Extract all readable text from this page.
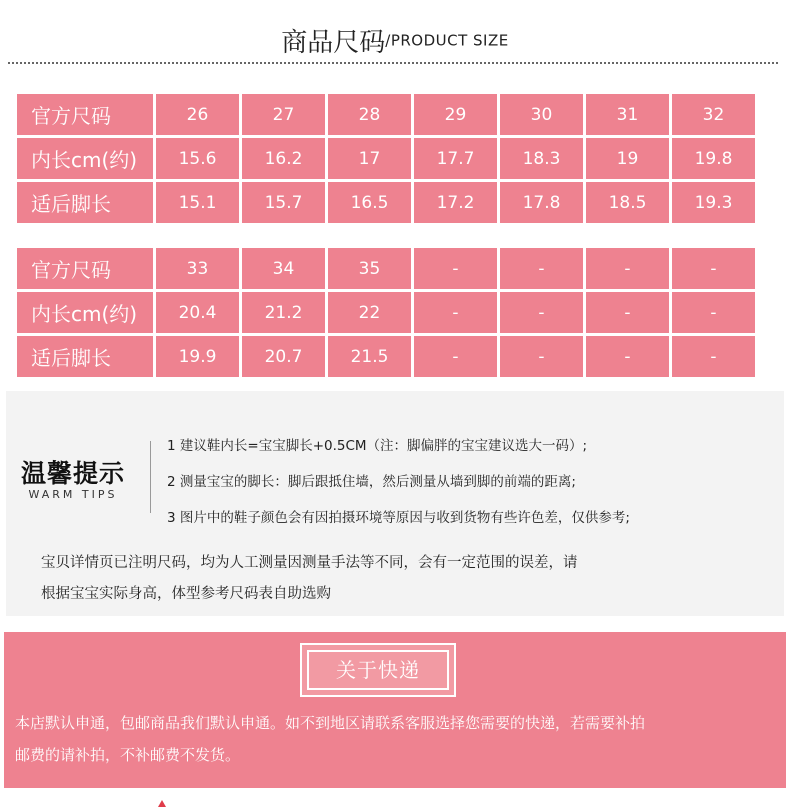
商品尺码/PRODUCT SIZE
官方尺码	26	27	28	29	30	31	32
内长cm(约)	15.6	16.2	17	17.7	18.3	19	19.8
适后脚长	15.1	15.7	16.5	17.2	17.8	18.5	19.3
官方尺码	33	34	35	-	-	-	-
内长cm(约)	20.4	21.2	22	-	-	-	-
适后脚长	19.9	20.7	21.5	-	-	-	-
温馨提示
WARM TIPS
1 建议鞋内长=宝宝脚长+0.5CM（注：脚偏胖的宝宝建议选大一码）;
2 测量宝宝的脚长：脚后跟抵住墙，然后测量从墙到脚的前端的距离;
3 图片中的鞋子颜色会有因拍摄环境等原因与收到货物有些许色差，仅供参考;
宝贝详情页已注明尺码，均为人工测量因测量手法等不同，会有一定范围的误差，请
根据宝宝实际身高，体型参考尺码表自助选购
关于快递
本店默认申通，包邮商品我们默认申通。如不到地区请联系客服选择您需要的快递，若需要补拍
邮费的请补拍，不补邮费不发货。
